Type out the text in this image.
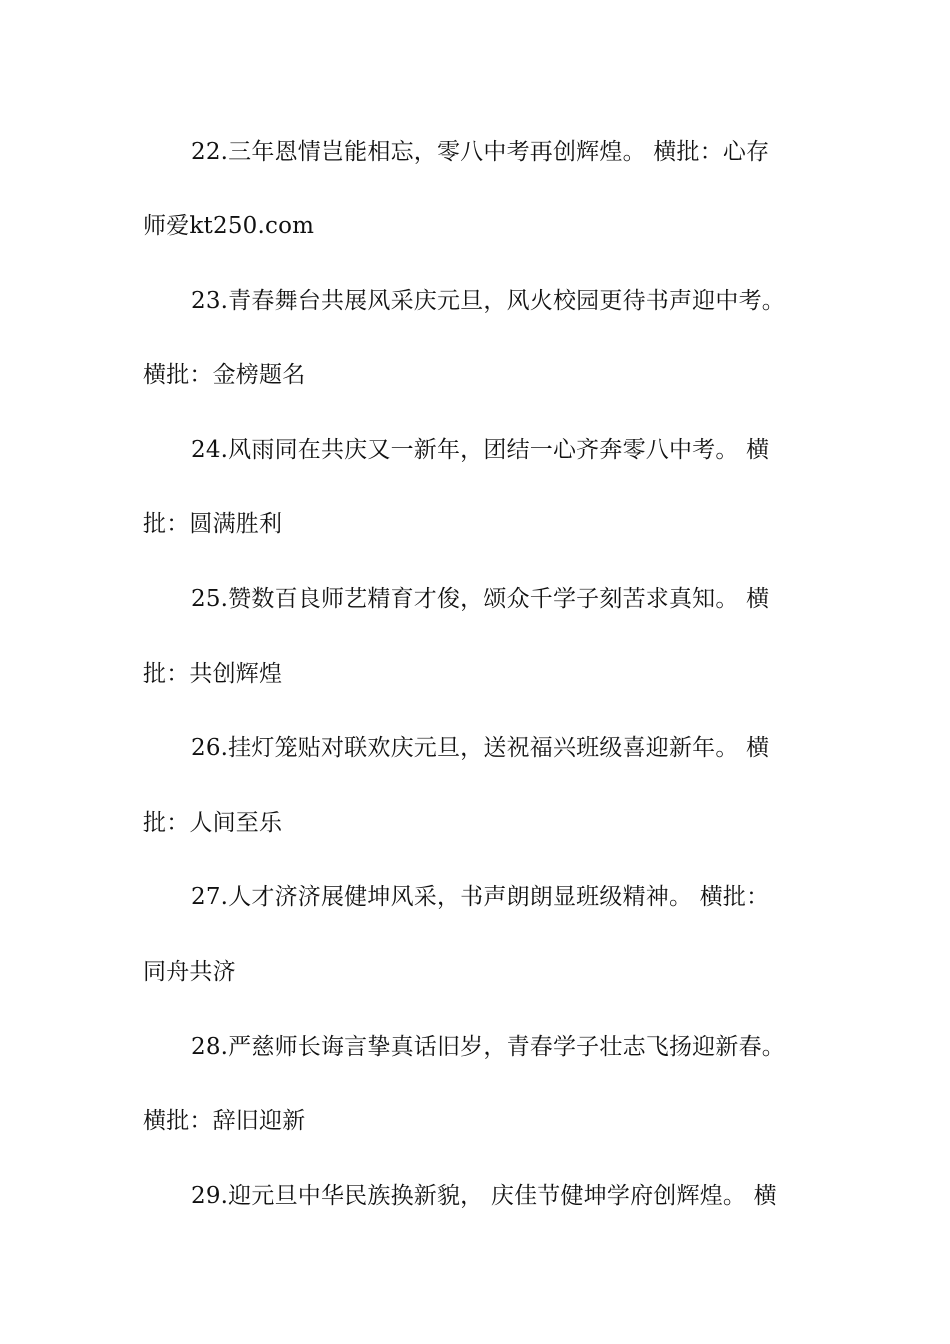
22.三年恩情岂能相忘，零八中考再创辉煌。 横批：心存
师爱kt250.com
23.青春舞台共展风采庆元旦，风火校园更待书声迎中考。
横批：金榜题名
24.风雨同在共庆又一新年，团结一心齐奔零八中考。 横
批：圆满胜利
25.赞数百良师艺精育才俊，颂众千学子刻苦求真知。 横
批：共创辉煌
26.挂灯笼贴对联欢庆元旦，送祝福兴班级喜迎新年。 横
批：人间至乐
27.人才济济展健坤风采，书声朗朗显班级精神。 横批：
同舟共济
28.严慈师长诲言挚真话旧岁，青春学子壮志飞扬迎新春。
横批：辞旧迎新
29.迎元旦中华民族换新貌， 庆佳节健坤学府创辉煌。 横
